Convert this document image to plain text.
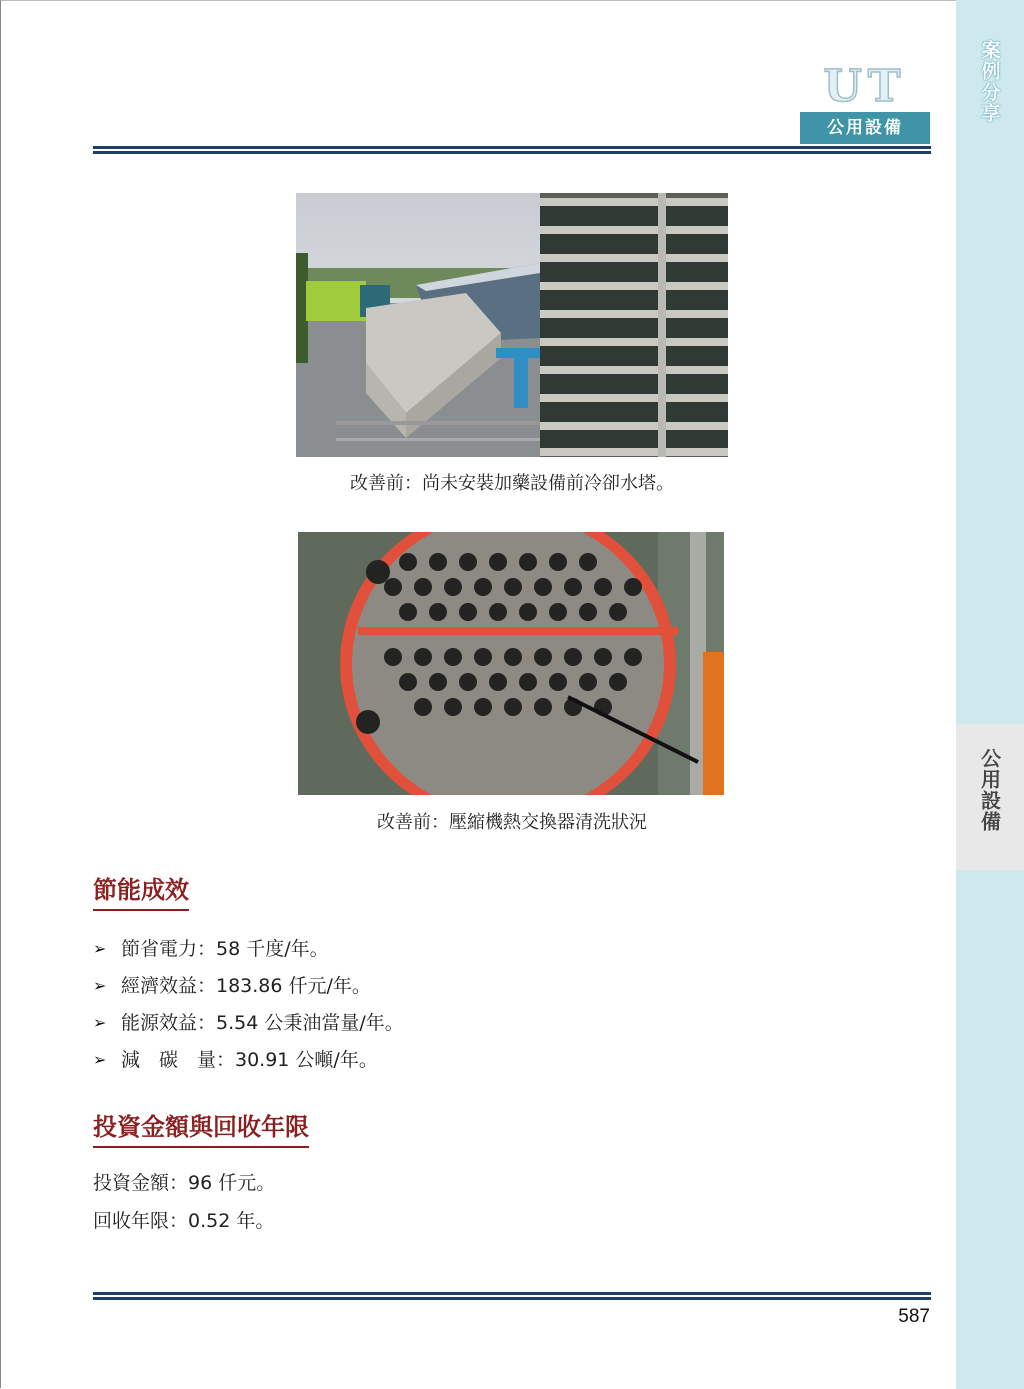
案例分享
公用設備
UT
公用設備
改善前：尚未安裝加藥設備前冷卻水塔。
改善前：壓縮機熱交換器清洗狀況
節能成效
➢ 節省電力：58 千度/年。
➢ 經濟效益：183.86 仟元/年。
➢ 能源效益：5.54 公秉油當量/年。
➢ 減　碳　量：30.91 公噸/年。
投資金額與回收年限
投資金額：96 仟元。
回收年限：0.52 年。
587
